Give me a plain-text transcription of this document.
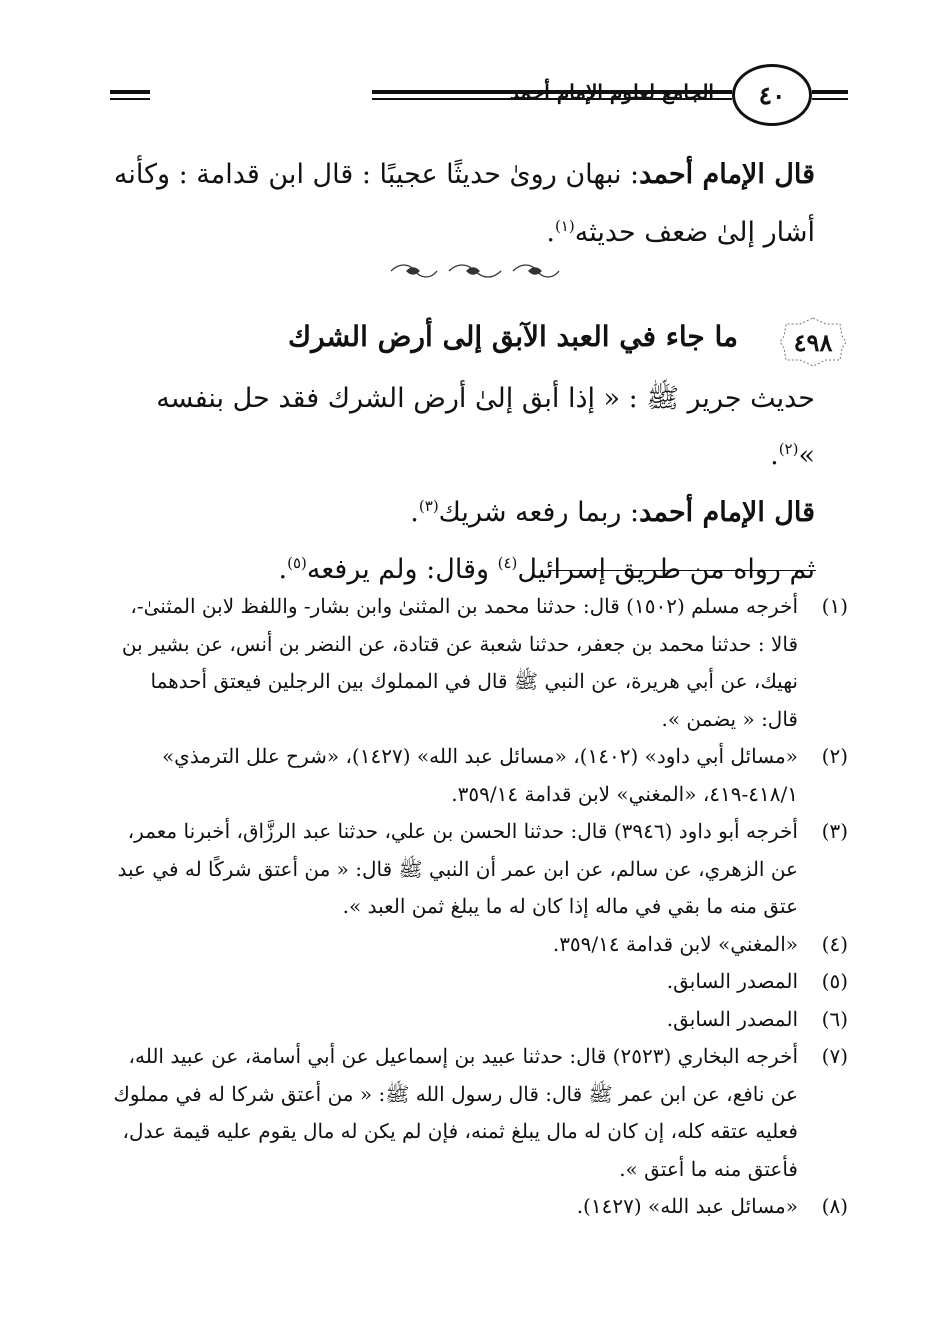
الجامع لعلوم الإمام أحمد ٤٠
قال الإمام أحمد: نبهان روىٰ حديثًا عجيبًا : قال ابن قدامة : وكأنه أشار إلىٰ ضعف حديثه$^{(١)}$.
٤٩٨
ما جاء في العبد الآبق إلى أرض الشرك

حديث جرير ﷺ : « إذا أبق إلىٰ أرض الشرك فقد حل بنفسه »$^{(٢)}$.

قال الإمام أحمد: ربما رفعه شريك$^{(٣)}$.

ثم رواه من طريق إسرائيل$^{(٤)}$ وقال: ولم يرفعه$^{(٥)}$.

(١)
أخرجه مسلم (١٥٠٢) قال: حدثنا محمد بن المثنىٰ وابن بشار- واللفظ لابن المثنىٰ-، قالا : حدثنا محمد بن جعفر، حدثنا شعبة عن قتادة، عن النضر بن أنس، عن بشير بن نهيك، عن أبي هريرة، عن النبي ﷺ قال في المملوك بين الرجلين فيعتق أحدهما قال: « يضمن ».
(٢)
«مسائل أبي داود» (١٤٠٢)، «مسائل عبد الله» (١٤٢٧)، «شرح علل الترمذي» ٤١٨/١-٤١٩، «المغني» لابن قدامة ٣٥٩/١٤.
(٣)
أخرجه أبو داود (٣٩٤٦) قال: حدثنا الحسن بن علي، حدثنا عبد الرزَّاق، أخبرنا معمر، عن الزهري، عن سالم، عن ابن عمر أن النبي ﷺ قال: « من أعتق شركًا له في عبد عتق منه ما بقي في ماله إذا كان له ما يبلغ ثمن العبد ».
(٤)
«المغني» لابن قدامة ٣٥٩/١٤.
(٥)
المصدر السابق.
(٦)
المصدر السابق.
(٧)
أخرجه البخاري (٢٥٢٣) قال: حدثنا عبيد بن إسماعيل عن أبي أسامة، عن عبيد الله، عن نافع، عن ابن عمر ﷺ قال: قال رسول الله ﷺ: « من أعتق شركا له في مملوك فعليه عتقه كله، إن كان له مال يبلغ ثمنه، فإن لم يكن له مال يقوم عليه قيمة عدل، فأعتق منه ما أعتق ».
(٨)
«مسائل عبد الله» (١٤٢٧).
